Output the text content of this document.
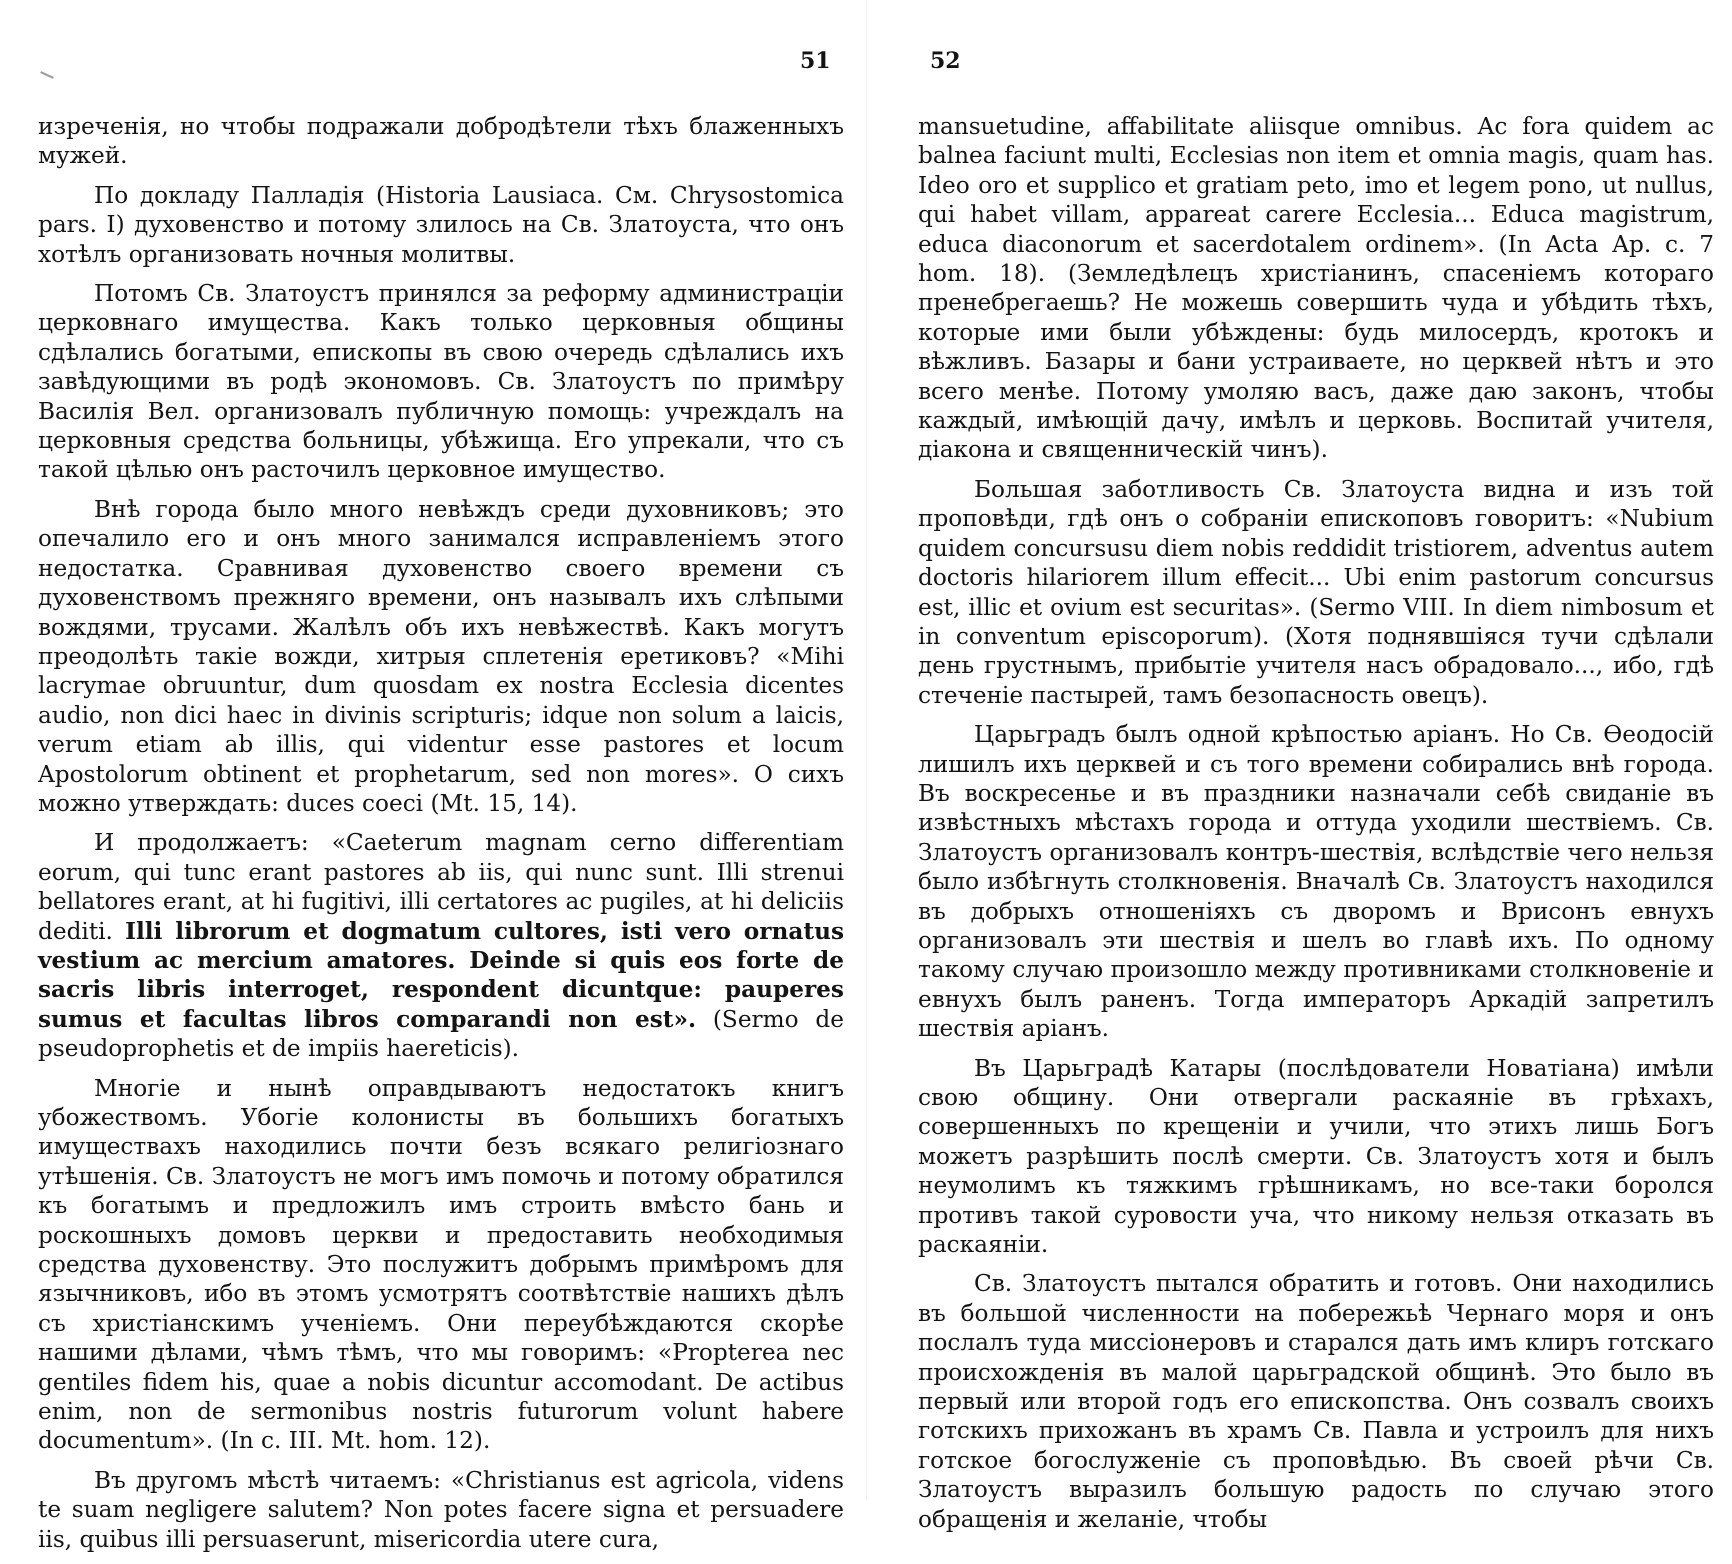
51

изреченія, но чтобы подражали добродѣтели тѣхъ блаженныхъ мужей.

По докладу Палладія (Historia Lausiaca. См. Chrysostomica pars. I) духовенство и потому злилось на Св. Златоуста, что онъ хотѣлъ организовать ночныя молитвы.

Потомъ Св. Златоустъ принялся за реформу администраціи церковнаго имущества. Какъ только церковныя общины сдѣлались богатыми, епископы въ свою очередь сдѣлались ихъ завѣдующими въ родѣ экономовъ. Св. Златоустъ по примѣру Василія Вел. организовалъ публичную помощь: учреждалъ на церковныя средства больницы, убѣжища. Его упрекали, что съ такой цѣлью онъ расточилъ церковное имущество.

Внѣ города было много невѣждъ среди духовниковъ; это опечалило его и онъ много занимался исправленіемъ этого недостатка. Сравнивая духовенство своего времени съ духовенствомъ прежняго времени, онъ называлъ ихъ слѣпыми вождями, трусами. Жалѣлъ объ ихъ невѣжествѣ. Какъ могутъ преодолѣть такіе вожди, хитрыя сплетенія еретиковъ? «Mihi lacrymae obruuntur, dum quosdam ex nostra Ecclesia dicentes audio, non dici haec in divinis scripturis; idque non solum a laicis, verum etiam ab illis, qui videntur esse pastores et locum Apostolorum obtinent et prophetarum, sed non mores». О сихъ можно утверждать: duces coeci (Mt. 15, 14).

И продолжаетъ: «Caeterum magnam cerno differentiam eorum, qui tunc erant pastores ab iis, qui nunc sunt. Illi strenui bellatores erant, at hi fugitivi, illi certatores ac pugiles, at hi deliciis dediti. Illi librorum et dogmatum cultores, isti vero ornatus vestium ac mercium amatores. Deinde si quis eos forte de sacris libris interroget, respondent dicuntque: pauperes sumus et facultas libros comparandi non est». (Sermo de pseudoprophetis et de impiis haereticis).

Многіе и нынѣ оправдываютъ недостатокъ книгъ убожествомъ. Убогіе колонисты въ большихъ богатыхъ имуществахъ находились почти безъ всякаго религіознаго утѣшенія. Св. Златоустъ не могъ имъ помочь и потому обратился къ богатымъ и предложилъ имъ строить вмѣсто бань и роскошныхъ домовъ церкви и предоставить необходимыя средства духовенству. Это послужитъ добрымъ примѣромъ для язычниковъ, ибо въ этомъ усмотрятъ соотвѣтствіе нашихъ дѣлъ съ христіанскимъ ученіемъ. Они переубѣждаются скорѣе нашими дѣлами, чѣмъ тѣмъ, что мы говоримъ: «Propterea nec gentiles fidem his, quae a nobis dicuntur accomodant. De actibus enim, non de sermonibus nostris futurorum volunt habere documentum». (In c. III. Mt. hom. 12).

Въ другомъ мѣстѣ читаемъ: «Christianus est agricola, videns te suam negligere salutem? Non potes facere signa et persuadere iis, quibus illi persuaserunt, misericordia utere cura,

52

mansuetudine, affabilitate aliisque omnibus. Ac fora quidem ac balnea faciunt multi, Ecclesias non item et omnia magis, quam has. Ideo oro et supplico et gratiam peto, imo et legem pono, ut nullus, qui habet villam, appareat carere Ecclesia... Educa magistrum, educa diaconorum et sacerdotalem ordinem». (In Acta Ap. c. 7 hom. 18). (Земледѣлецъ христіанинъ, спасеніемъ котораго пренебрегаешь? Не можешь совершить чуда и убѣдить тѣхъ, которые ими были убѣждены: будь милосердъ, кротокъ и вѣжливъ. Базары и бани устраиваете, но церквей нѣтъ и это всего менѣе. Потому умоляю васъ, даже даю законъ, чтобы каждый, имѣющій дачу, имѣлъ и церковь. Воспитай учителя, діакона и священническій чинъ).

Большая заботливость Св. Златоуста видна и изъ той проповѣди, гдѣ онъ о собраніи епископовъ говоритъ: «Nubium quidem concursusu diem nobis reddidit tristiorem, adventus autem doctoris hilariorem illum effecit... Ubi enim pastorum concursus est, illic et ovium est securitas». (Sermo VIII. In diem nimbosum et in conventum episcoporum). (Хотя поднявшіяся тучи сдѣлали день грустнымъ, прибытіе учителя насъ обрадовало..., ибо, гдѣ стеченіе пастырей, тамъ безопасность овецъ).

Царьградъ былъ одной крѣпостью аріанъ. Но Св. Ѳеодосій лишилъ ихъ церквей и съ того времени собирались внѣ города. Въ воскресенье и въ праздники назначали себѣ свиданіе въ извѣстныхъ мѣстахъ города и оттуда уходили шествіемъ. Св. Златоустъ организовалъ контръ-шествія, вслѣдствіе чего нельзя было избѣгнуть столкновенія. Вначалѣ Св. Златоустъ находился въ добрыхъ отношеніяхъ съ дворомъ и Врисонъ евнухъ организовалъ эти шествія и шелъ во главѣ ихъ. По одному такому случаю произошло между противниками столкновеніе и евнухъ былъ раненъ. Тогда императоръ Аркадій запретилъ шествія аріанъ.

Въ Царьградѣ Катары (послѣдователи Новатіана) имѣли свою общину. Они отвергали раскаяніе въ грѣхахъ, совершенныхъ по крещеніи и учили, что этихъ лишь Богъ можетъ разрѣшить послѣ смерти. Св. Златоустъ хотя и былъ неумолимъ къ тяжкимъ грѣшникамъ, но все-таки боролся противъ такой суровости уча, что никому нельзя отказать въ раскаяніи.

Св. Златоустъ пытался обратить и готовъ. Они находились въ большой численности на побережьѣ Чернаго моря и онъ послалъ туда миссіонеровъ и старался дать имъ клиръ готскаго происхожденія въ малой царьградской общинѣ. Это было въ первый или второй годъ его епископства. Онъ созвалъ своихъ готскихъ прихожанъ въ храмъ Св. Павла и устроилъ для нихъ готское богослуженіе съ проповѣдью. Въ своей рѣчи Св. Златоустъ выразилъ большую радость по случаю этого обращенія и желаніе, чтобы
